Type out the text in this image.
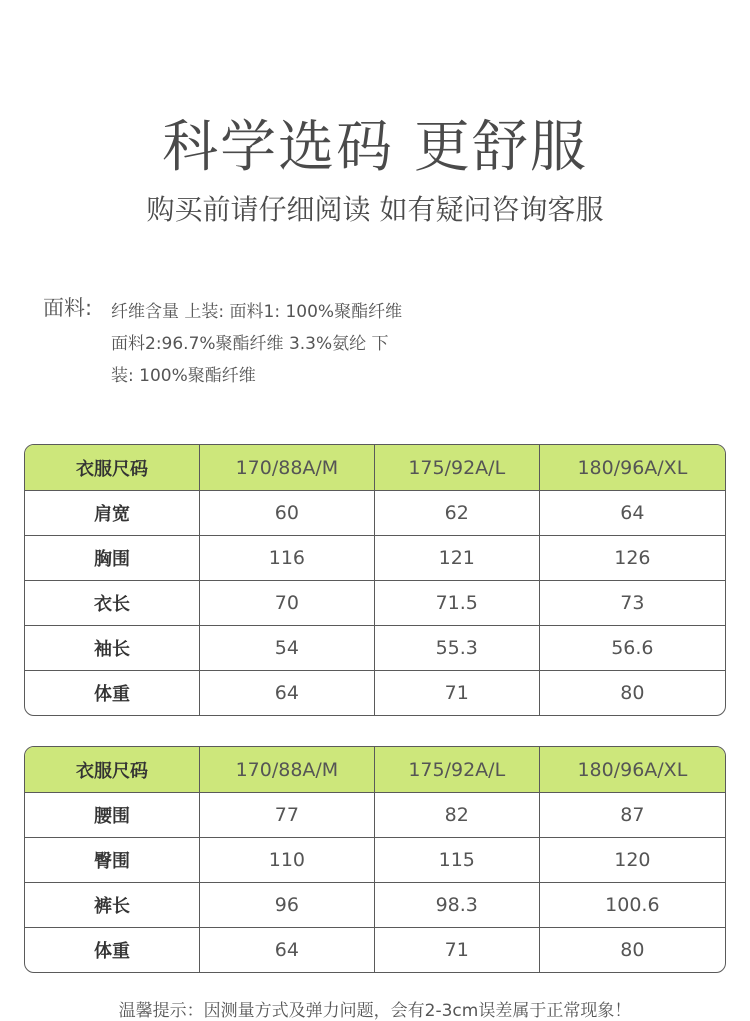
科学选码 更舒服
购买前请仔细阅读 如有疑问咨询客服
面料: 纤维含量 上装: 面料1: 100%聚酯纤维
面料2:96.7%聚酯纤维 3.3%氨纶 下
装: 100%聚酯纤维
衣服尺码	170/88A/M	175/92A/L	180/96A/XL
肩宽	60	62	64
胸围	116	121	126
衣长	70	71.5	73
袖长	54	55.3	56.6
体重	64	71	80
衣服尺码	170/88A/M	175/92A/L	180/96A/XL
腰围	77	82	87
臀围	110	115	120
裤长	96	98.3	100.6
体重	64	71	80
温馨提示：因测量方式及弹力问题，会有2-3cm误差属于正常现象！
